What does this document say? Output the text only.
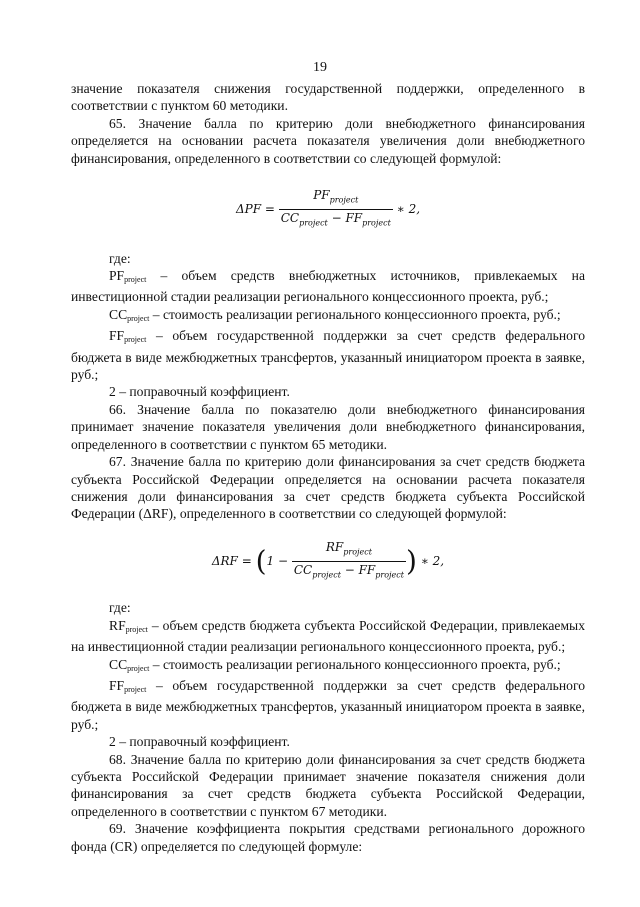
19

значение показателя снижения государственной поддержки, определенного в соответствии с пунктом 60 методики.

65. Значение балла по критерию доли внебюджетного финансирования определяется на основании расчета показателя увеличения доли внебюджетного финансирования, определенного в соответствии со следующей формулой:

$\Delta PF = \frac{PF_{project}}{CC_{project} - FF_{project}}$ ∗ 2,

где:

PFproject – объем средств внебюджетных источников, привлекаемых на инвестиционной стадии реализации регионального концессионного проекта, руб.;

CCproject – стоимость реализации регионального концессионного проекта, руб.;

FFproject – объем государственной поддержки за счет средств федерального бюджета в виде межбюджетных трансфертов, указанный инициатором проекта в заявке, руб.;

2 – поправочный коэффициент.

66. Значение балла по показателю доли внебюджетного финансирования принимает значение показателя увеличения доли внебюджетного финансирования, определенного в соответствии с пунктом 65 методики.

67. Значение балла по критерию доли финансирования за счет средств бюджета субъекта Российской Федерации определяется на основании расчета показателя снижения доли финансирования за счет средств бюджета субъекта Российской Федерации (ΔRF), определенного в соответствии со следующей формулой:

$\Delta RF = (1 - \frac{RF_{project}}{CC_{project} - FF_{project}}$ ) ∗ 2,

где:

RFproject – объем средств бюджета субъекта Российской Федерации, привлекаемых на инвестиционной стадии реализации регионального концессионного проекта, руб.;

CCproject – стоимость реализации регионального концессионного проекта, руб.;

FFproject – объем государственной поддержки за счет средств федерального бюджета в виде межбюджетных трансфертов, указанный инициатором проекта в заявке, руб.;

2 – поправочный коэффициент.

68. Значение балла по критерию доли финансирования за счет средств бюджета субъекта Российской Федерации принимает значение показателя снижения доли финансирования за счет средств бюджета субъекта Российской Федерации, определенного в соответствии с пунктом 67 методики.

69. Значение коэффициента покрытия средствами регионального дорожного фонда (CR) определяется по следующей формуле:
